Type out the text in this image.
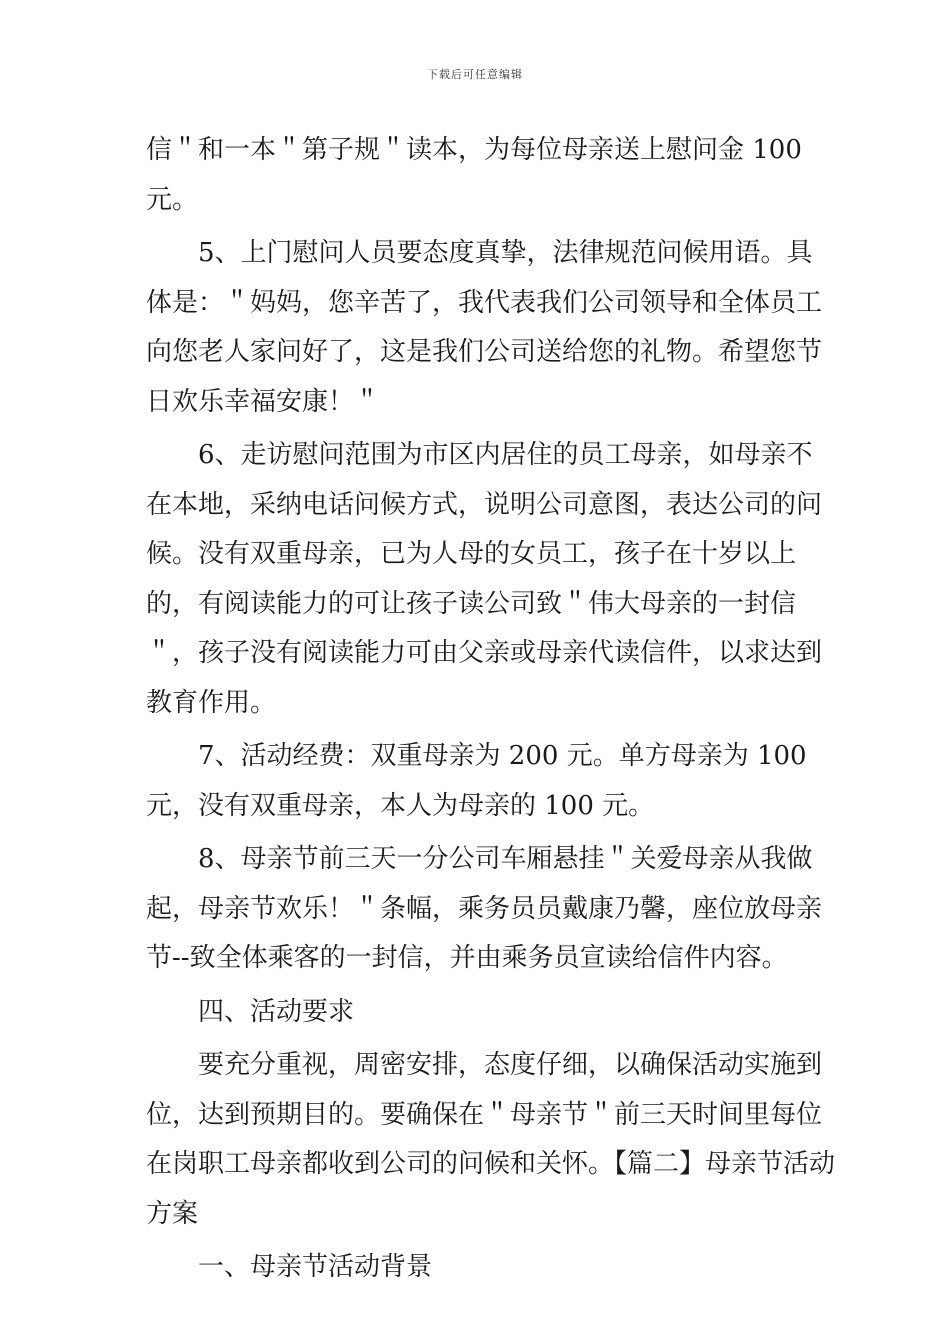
下载后可任意编辑

信＂和一本＂第子规＂读本，为每位母亲送上慰问金 100 元。

5、上门慰问人员要态度真挚，法律规范问候用语。具体是：＂妈妈，您辛苦了，我代表我们公司领导和全体员工向您老人家问好了，这是我们公司送给您的礼物。希望您节日欢乐幸福安康！＂

6、走访慰问范围为市区内居住的员工母亲，如母亲不在本地，采纳电话问候方式，说明公司意图，表达公司的问候。没有双重母亲，已为人母的女员工，孩子在十岁以上的，有阅读能力的可让孩子读公司致＂伟大母亲的一封信＂，孩子没有阅读能力可由父亲或母亲代读信件，以求达到教育作用。

7、活动经费：双重母亲为 200 元。单方母亲为 100 元，没有双重母亲，本人为母亲的 100 元。

8、母亲节前三天一分公司车厢悬挂＂关爱母亲从我做起，母亲节欢乐！＂条幅，乘务员员戴康乃馨，座位放母亲节--致全体乘客的一封信，并由乘务员宣读给信件内容。

四、活动要求

要充分重视，周密安排，态度仔细，以确保活动实施到位，达到预期目的。要确保在＂母亲节＂前三天时间里每位在岗职工母亲都收到公司的问候和关怀。【篇二】母亲节活动方案

一、母亲节活动背景
